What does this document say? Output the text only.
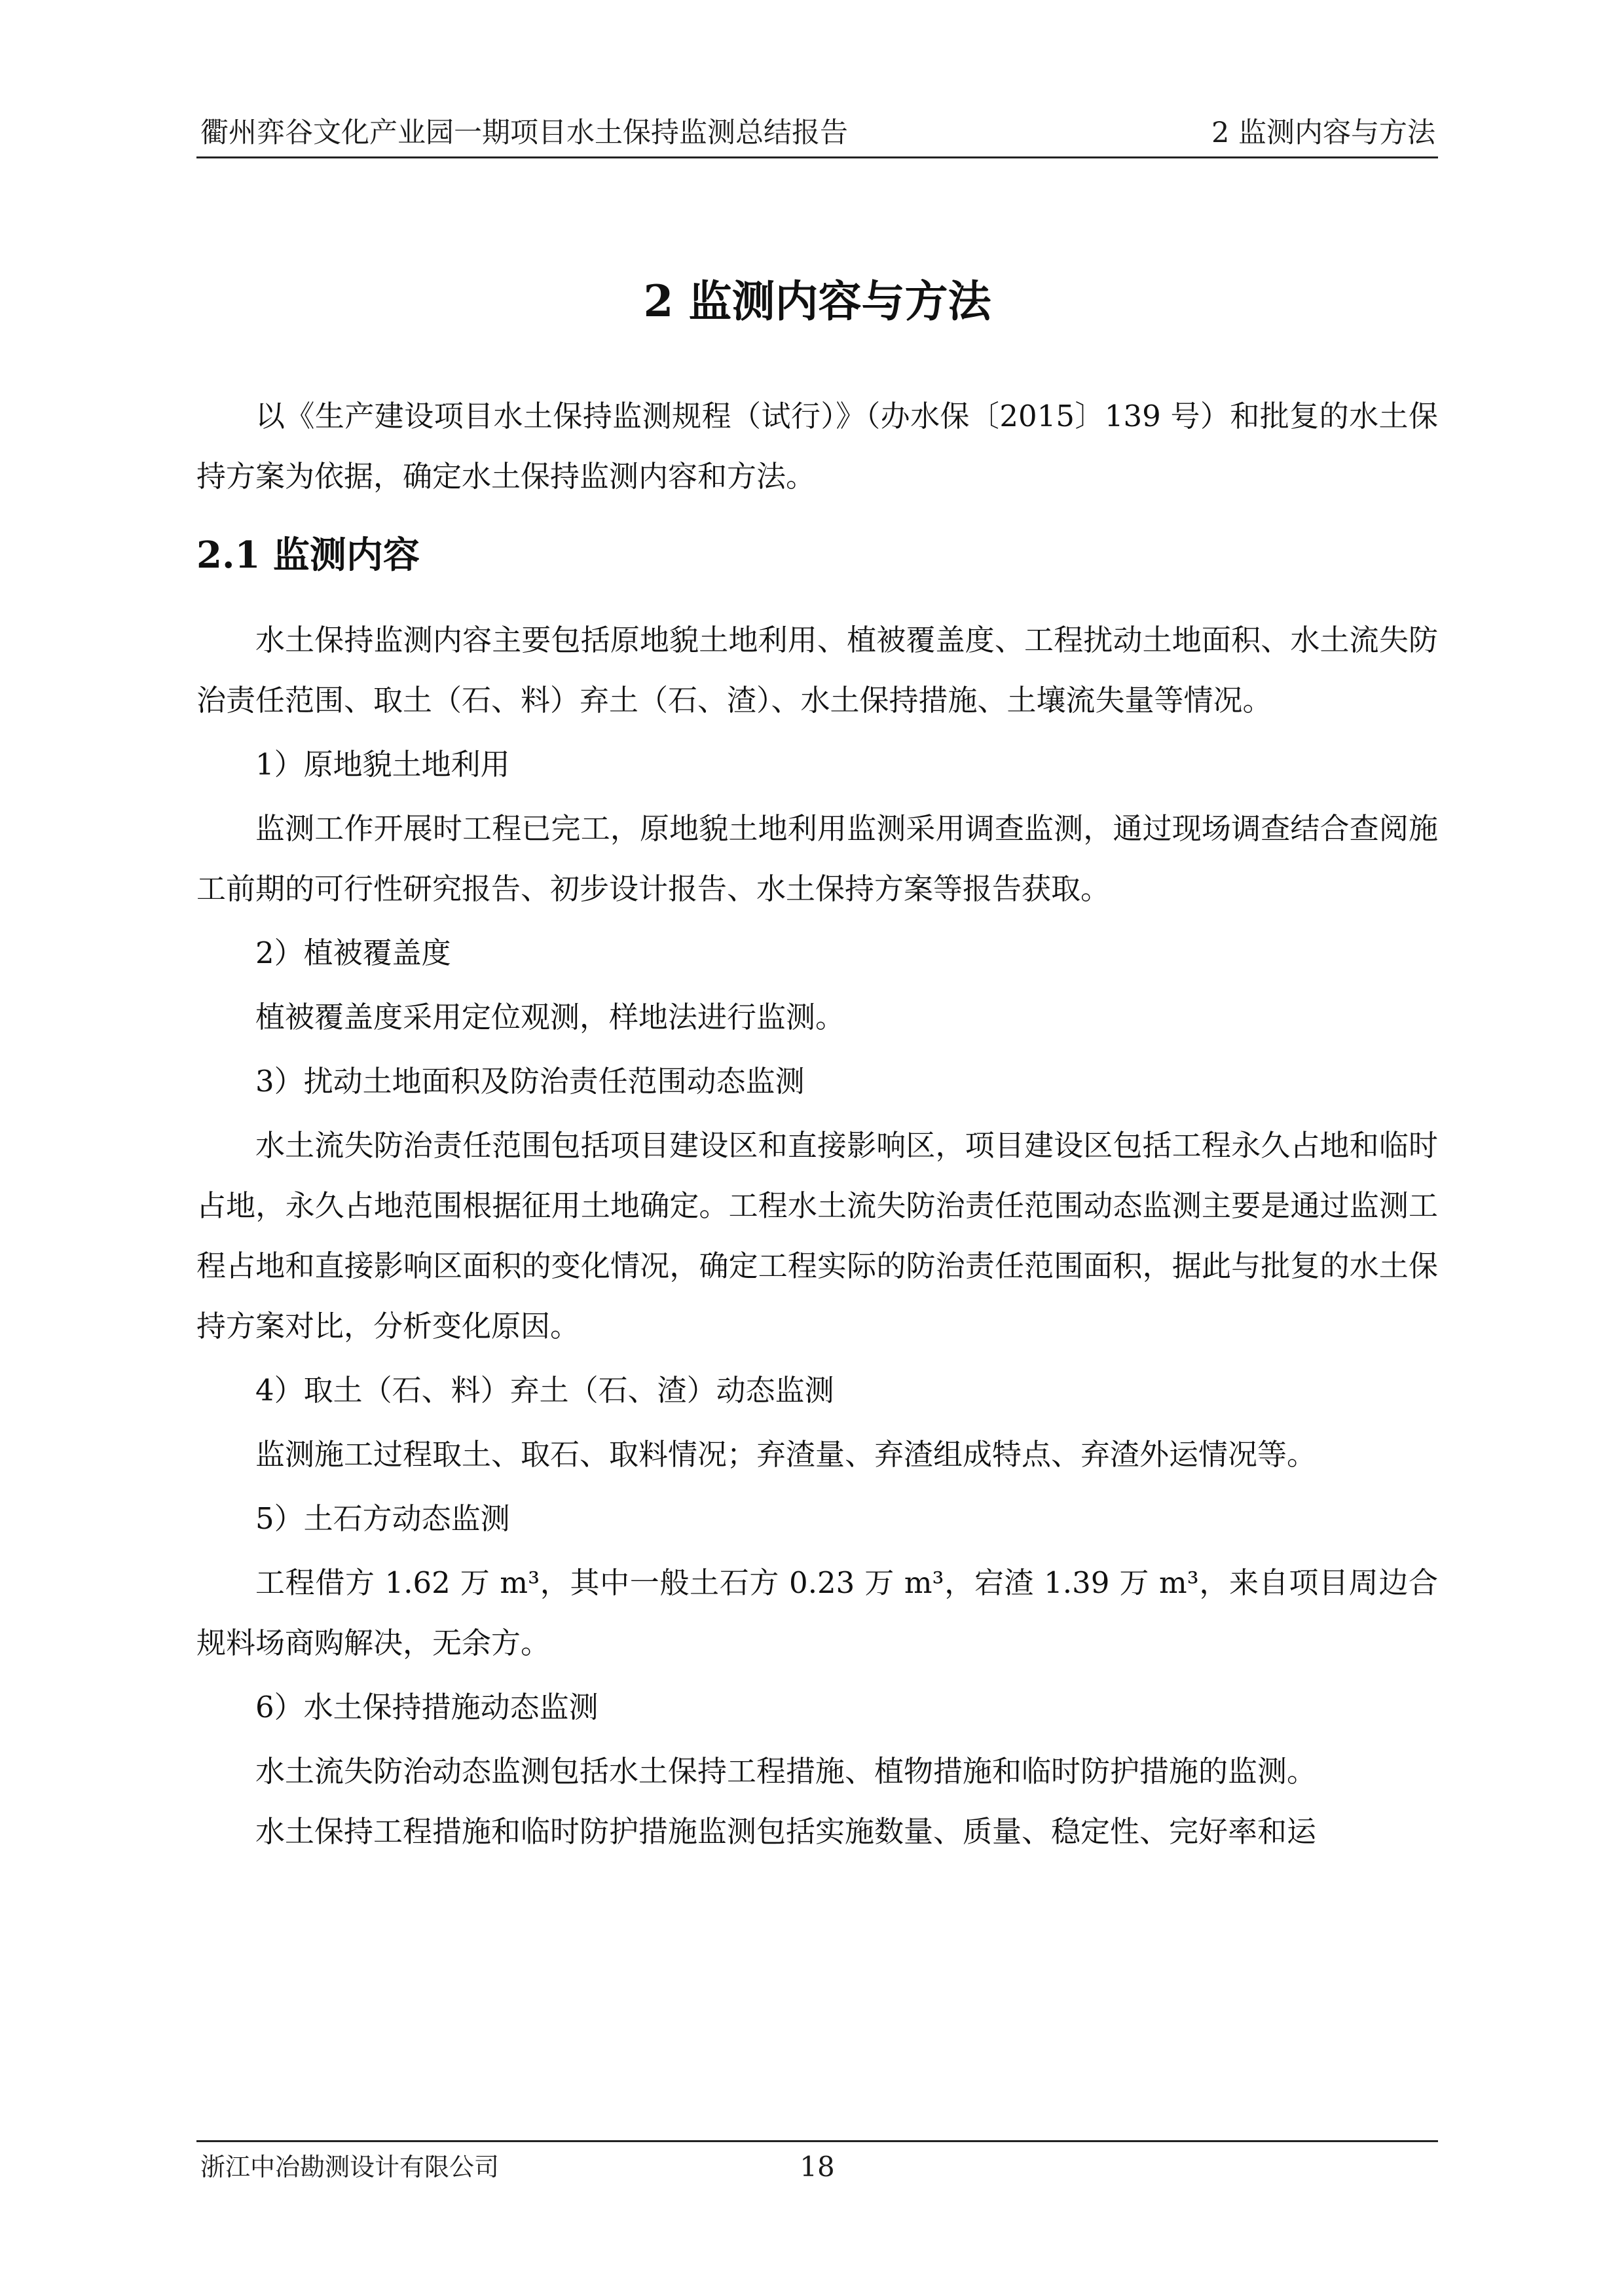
衢州弈谷文化产业园一期项目水土保持监测总结报告	2 监测内容与方法
2 监测内容与方法

以《生产建设项目水土保持监测规程（试行）》（办水保〔2015〕139 号）和批复的水土保持方案为依据，确定水土保持监测内容和方法。

2.1 监测内容

水土保持监测内容主要包括原地貌土地利用、植被覆盖度、工程扰动土地面积、水土流失防治责任范围、取土（石、料）弃土（石、渣）、水土保持措施、土壤流失量等情况。

1）原地貌土地利用

监测工作开展时工程已完工，原地貌土地利用监测采用调查监测，通过现场调查结合查阅施工前期的可行性研究报告、初步设计报告、水土保持方案等报告获取。

2）植被覆盖度

植被覆盖度采用定位观测，样地法进行监测。

3）扰动土地面积及防治责任范围动态监测

水土流失防治责任范围包括项目建设区和直接影响区，项目建设区包括工程永久占地和临时占地，永久占地范围根据征用土地确定。工程水土流失防治责任范围动态监测主要是通过监测工程占地和直接影响区面积的变化情况，确定工程实际的防治责任范围面积，据此与批复的水土保持方案对比，分析变化原因。

4）取土（石、料）弃土（石、渣）动态监测

监测施工过程取土、取石、取料情况；弃渣量、弃渣组成特点、弃渣外运情况等。

5）土石方动态监测

工程借方 1.62 万 m³，其中一般土石方 0.23 万 m³，宕渣 1.39 万 m³，来自项目周边合规料场商购解决，无余方。

6）水土保持措施动态监测

水土流失防治动态监测包括水土保持工程措施、植物措施和临时防护措施的监测。

水土保持工程措施和临时防护措施监测包括实施数量、质量、稳定性、完好率和运

浙江中冶勘测设计有限公司	18
